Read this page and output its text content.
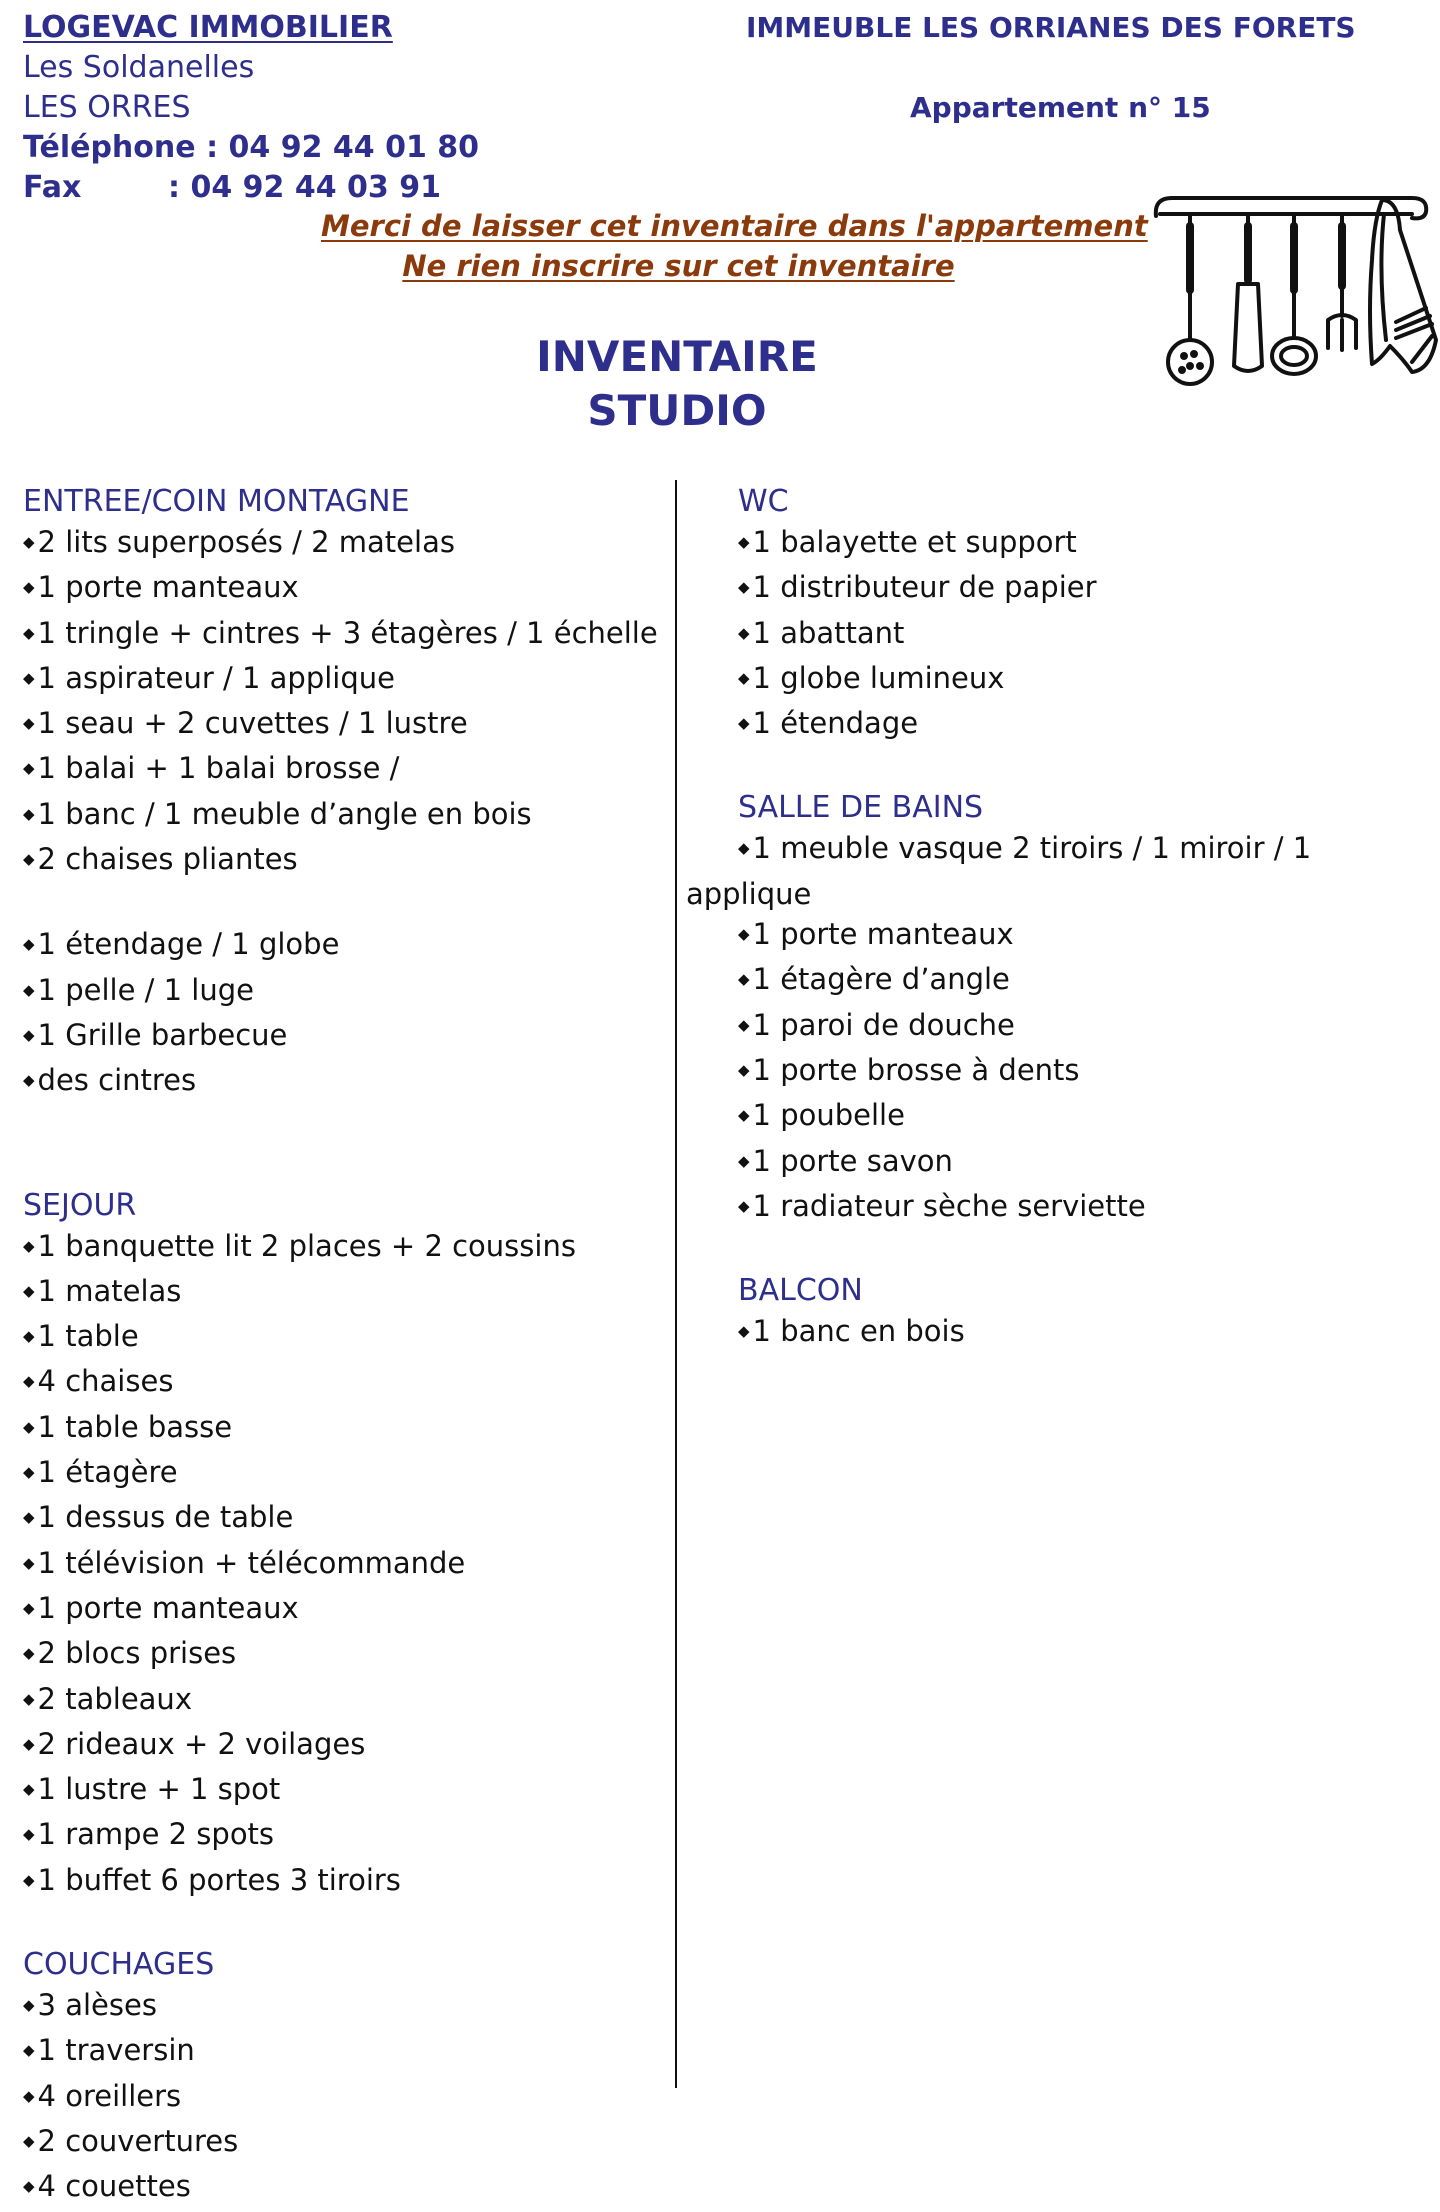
LOGEVAC IMMOBILIER
Les Soldanelles
LES ORRES
Téléphone : 04 92 44 01 80
Fax	: 04 92 44 03 91
IMMEUBLE LES ORRIANES DES FORETS
Appartement n° 15
Merci de laisser cet inventaire dans l'appartement
Ne rien inscrire sur cet inventaire
INVENTAIRE
STUDIO
ENTREE/COIN MONTAGNE
◆ 2 lits superposés / 2 matelas
◆ 1 porte manteaux
◆ 1 tringle + cintres + 3 étagères / 1 échelle
◆ 1 aspirateur / 1 applique
◆ 1 seau + 2 cuvettes / 1 lustre
◆ 1 balai + 1 balai brosse /
◆ 1 banc / 1 meuble d’angle en bois
◆ 2 chaises pliantes
◆ 1 étendage / 1 globe
◆ 1 pelle / 1 luge
◆ 1 Grille barbecue
◆ des cintres
SEJOUR
◆ 1 banquette lit 2 places + 2 coussins
◆ 1 matelas
◆ 1 table
◆ 4 chaises
◆ 1 table basse
◆ 1 étagère
◆ 1 dessus de table
◆ 1 télévision + télécommande
◆ 1 porte manteaux
◆ 2 blocs prises
◆ 2 tableaux
◆ 2 rideaux + 2 voilages
◆ 1 lustre + 1 spot
◆ 1 rampe 2 spots
◆ 1 buffet 6 portes 3 tiroirs
COUCHAGES
◆ 3 alèses
◆ 1 traversin
◆ 4 oreillers
◆ 2 couvertures
◆ 4 couettes
WC
◆ 1 balayette et support
◆ 1 distributeur de papier
◆ 1 abattant
◆ 1 globe lumineux
◆ 1 étendage
SALLE DE BAINS
◆ 1 meuble vasque 2 tiroirs / 1 miroir / 1
applique
◆ 1 porte manteaux
◆ 1 étagère d’angle
◆ 1 paroi de douche
◆ 1 porte brosse à dents
◆ 1 poubelle
◆ 1 porte savon
◆ 1 radiateur sèche serviette
BALCON
◆ 1 banc en bois
